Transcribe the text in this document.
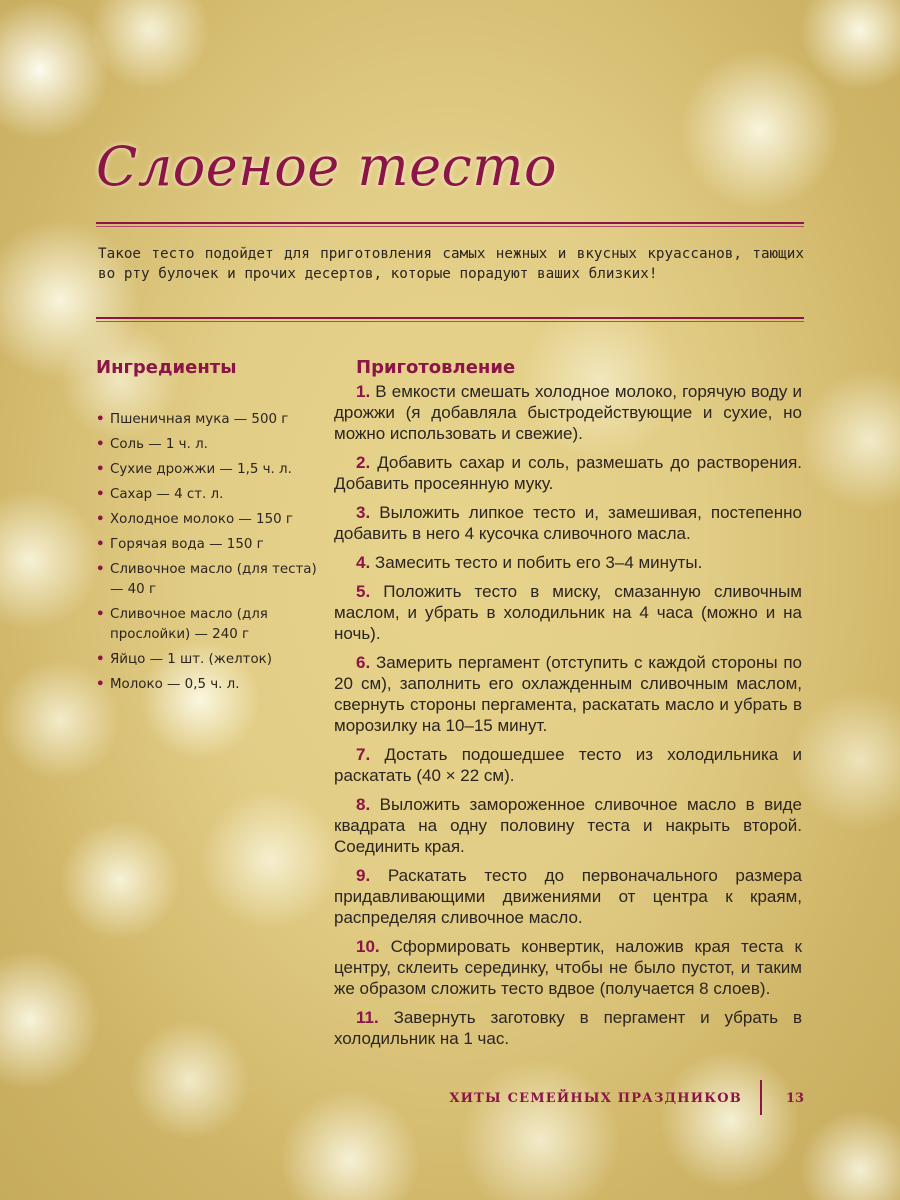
Слоеное тесто
Такое тесто подойдет для приготовления самых нежных и вкусных круассанов, тающих во рту булочек и прочих десертов, которые порадуют ваших близких!
Ингредиенты
• Пшеничная мука — 500 г
• Соль — 1 ч. л.
• Сухие дрожжи — 1,5 ч. л.
• Сахар — 4 ст. л.
• Холодное молоко — 150 г
• Горячая вода — 150 г
• Сливочное масло (для теста) — 40 г
• Сливочное масло (для прослойки) — 240 г
• Яйцо — 1 шт. (желток)
• Молоко — 0,5 ч. л.
Приготовление
1. В емкости смешать холодное молоко, горячую воду и дрожжи (я добавляла быстродействующие и сухие, но можно использовать и свежие).
2. Добавить сахар и соль, размешать до растворения. Добавить просеянную муку.
3. Выложить липкое тесто и, замешивая, постепенно добавить в него 4 кусочка сливочного масла.
4. Замесить тесто и побить его 3–4 минуты.
5. Положить тесто в миску, смазанную сливочным маслом, и убрать в холодильник на 4 часа (можно и на ночь).
6. Замерить пергамент (отступить с каждой стороны по 20 см), заполнить его охлажденным сливочным маслом, свернуть стороны пергамента, раскатать масло и убрать в морозилку на 10–15 минут.
7. Достать подошедшее тесто из холодильника и раскатать (40 × 22 см).
8. Выложить замороженное сливочное масло в виде квадрата на одну половину теста и накрыть второй. Соединить края.
9. Раскатать тесто до первоначального размера придавливающими движениями от центра к краям, распределяя сливочное масло.
10. Сформировать конвертик, наложив края теста к центру, склеить серединку, чтобы не было пустот, и таким же образом сложить тесто вдвое (получается 8 слоев).
11. Завернуть заготовку в пергамент и убрать в холодильник на 1 час.
ХИТЫ СЕМЕЙНЫХ ПРАЗДНИКОВ	13
